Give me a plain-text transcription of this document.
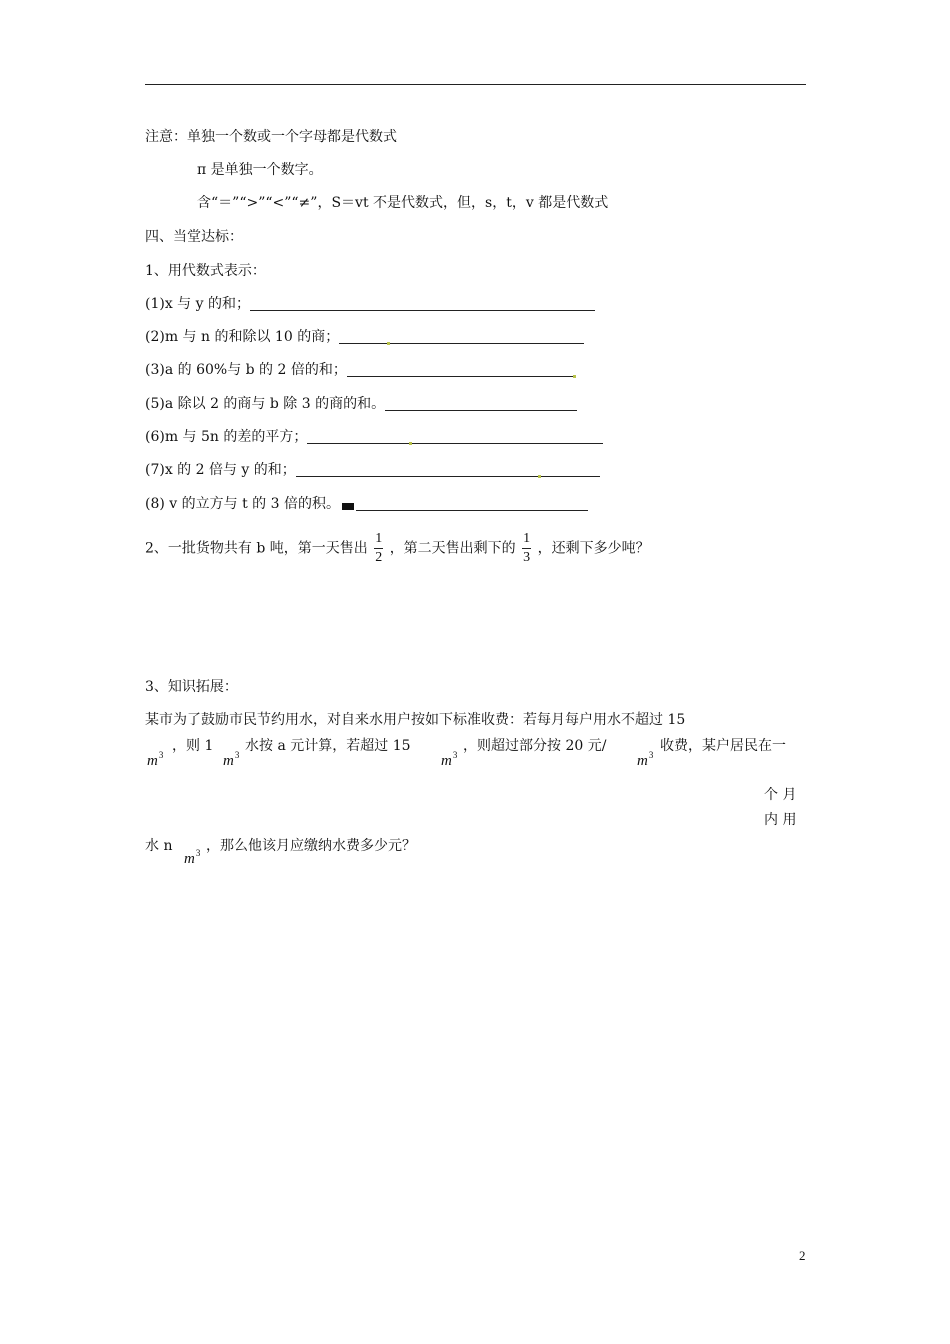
注意：单独一个数或一个字母都是代数式
π 是单独一个数字。
含“＝”“>”“<”“≠”，S＝vt 不是代数式，但，s，t，v 都是代数式
四、当堂达标：
1、用代数式表示：
(1)x 与 y 的和；
(2)m 与 n 的和除以 10 的商；
(3)a 的 60%与 b 的 2 倍的和；
(5)a 除以 2 的商与 b 除 3 的商的和。
(6)m 与 5n 的差的平方；
(7)x 的 2 倍与 y 的和；
(8) v 的立方与 t 的 3 倍的积。
2、一批货物共有 b 吨，第一天售出 $\frac{1}{2}$ ，第二天售出剩下的 $\frac{1}{3}$ ，还剩下多少吨？
3、知识拓展：
某市为了鼓励市民节约用水，对自来水用户按如下标准收费：若每月每户用水不超过 15
，则 1 水按 a 元计算，若超过 15	，则超过部分按 20 元/	收费，某户居民在一
$m^3$	$m^3$	$m^3$	$m^3$
个 月
内 用
水 n
$m^3$ ，那么他该月应缴纳水费多少元？
2
